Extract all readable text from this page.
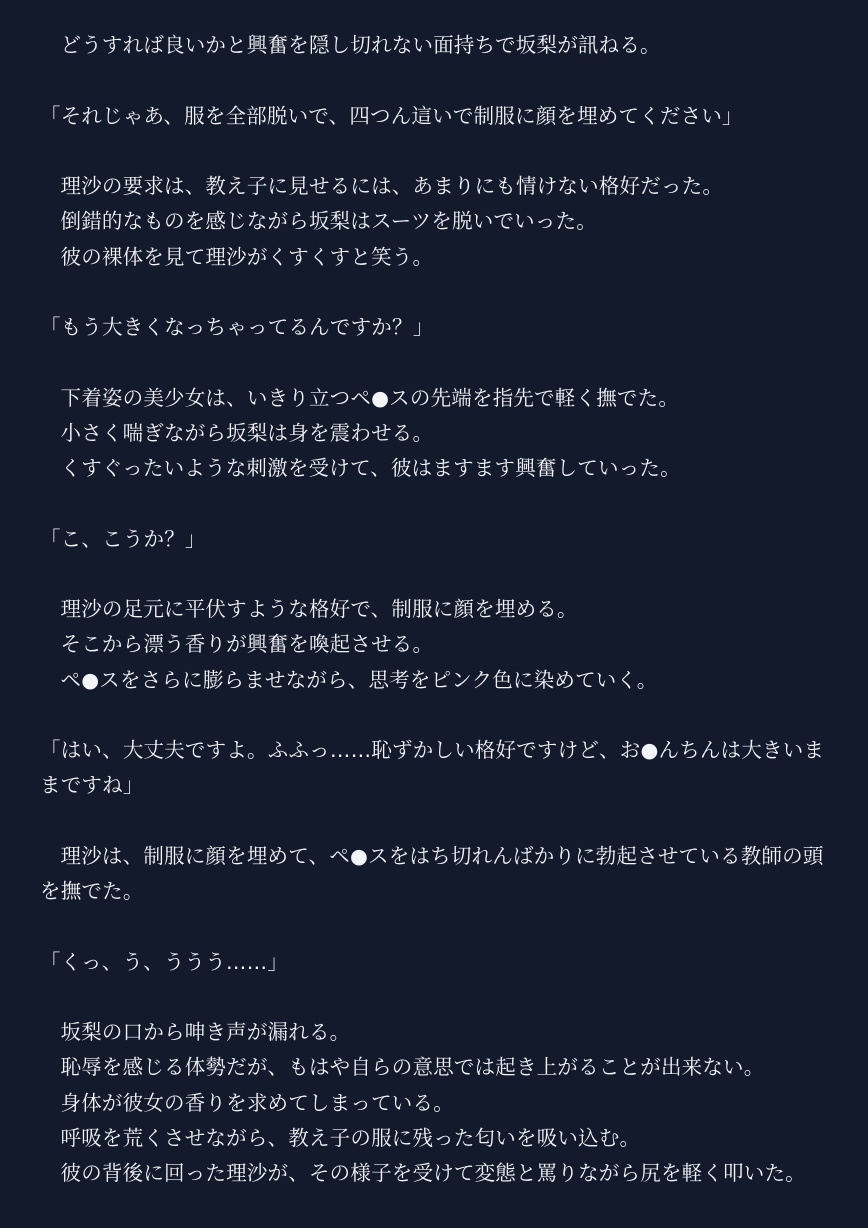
どうすれば良いかと興奮を隠し切れない面持ちで坂梨が訊ねる。

「それじゃあ、服を全部脱いで、四つん這いで制服に顔を埋めてください」

理沙の要求は、教え子に見せるには、あまりにも情けない格好だった。

倒錯的なものを感じながら坂梨はスーツを脱いでいった。

彼の裸体を見て理沙がくすくすと笑う。

「もう大きくなっちゃってるんですか？」

下着姿の美少女は、いきり立つペ●スの先端を指先で軽く撫でた。

小さく喘ぎながら坂梨は身を震わせる。

くすぐったいような刺激を受けて、彼はますます興奮していった。

「こ、こうか？」

理沙の足元に平伏すような格好で、制服に顔を埋める。

そこから漂う香りが興奮を喚起させる。

ペ●スをさらに膨らませながら、思考をピンク色に染めていく。

「はい、大丈夫ですよ。ふふっ……恥ずかしい格好ですけど、お●んちんは大きいままですね」

理沙は、制服に顔を埋めて、ペ●スをはち切れんばかりに勃起させている教師の頭を撫でた。

「くっ、う、ううう……」

坂梨の口から呻き声が漏れる。

恥辱を感じる体勢だが、もはや自らの意思では起き上がることが出来ない。

身体が彼女の香りを求めてしまっている。

呼吸を荒くさせながら、教え子の服に残った匂いを吸い込む。

彼の背後に回った理沙が、その様子を受けて変態と罵りながら尻を軽く叩いた。
